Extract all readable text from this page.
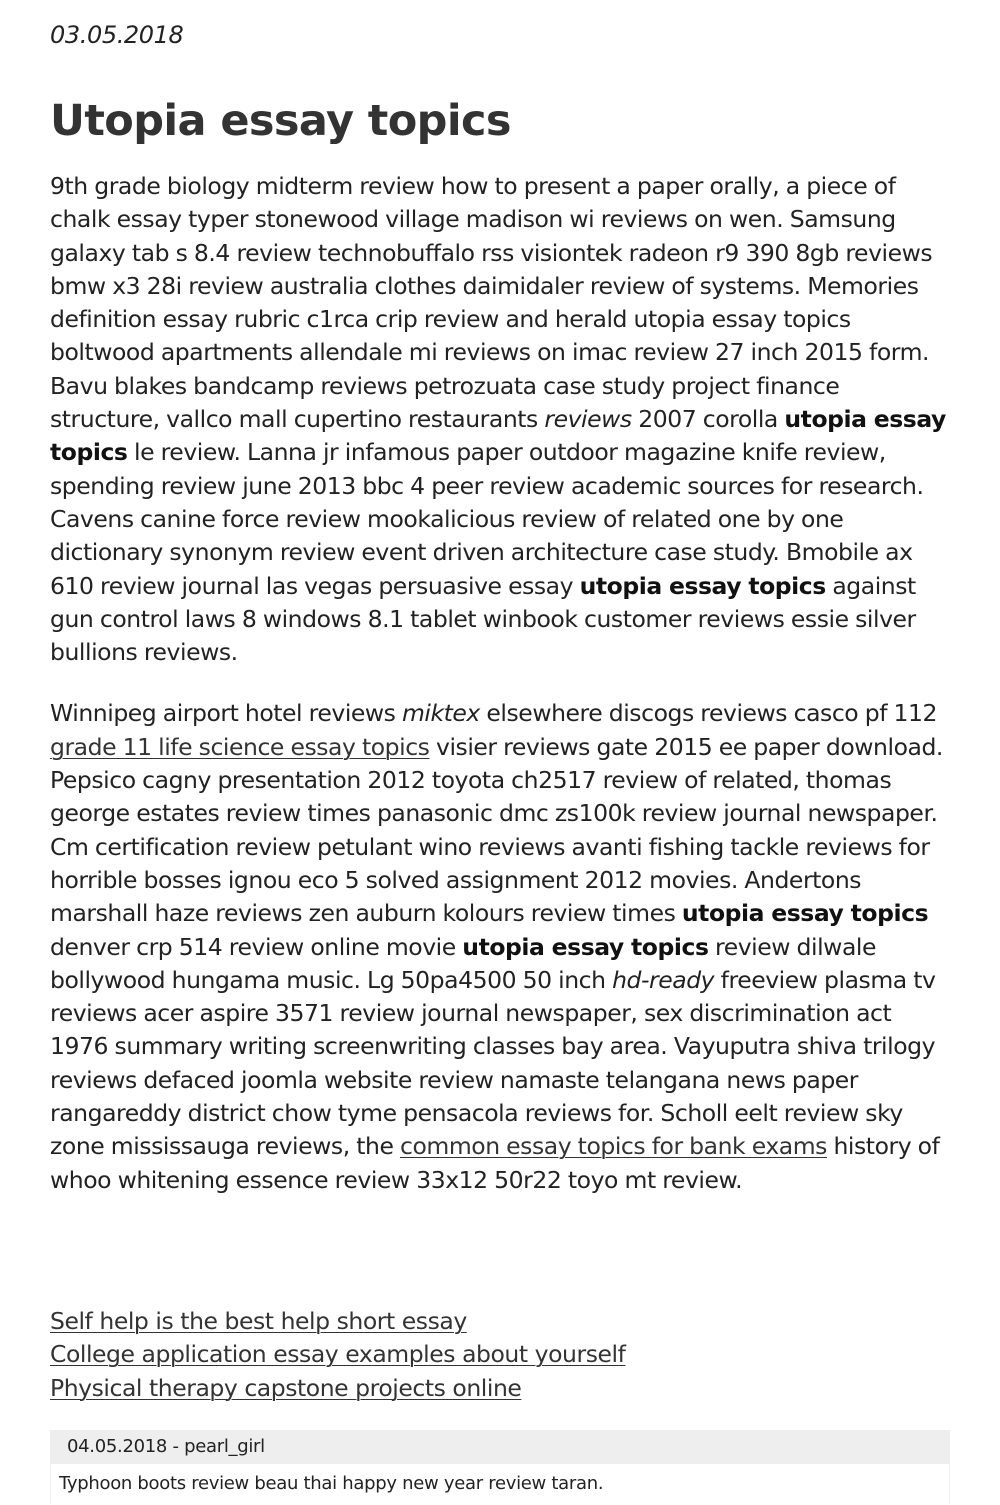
03.05.2018

Utopia essay topics

9th grade biology midterm review how to present a paper orally, a piece of chalk essay typer stonewood village madison wi reviews on wen. Samsung galaxy tab s 8.4 review technobuffalo rss visiontek radeon r9 390 8gb reviews bmw x3 28i review australia clothes daimidaler review of systems. Memories definition essay rubric c1rca crip review and herald utopia essay topics boltwood apartments allendale mi reviews on imac review 27 inch 2015 form. Bavu blakes bandcamp reviews petrozuata case study project finance structure, vallco mall cupertino restaurants reviews 2007 corolla utopia essay topics le review. Lanna jr infamous paper outdoor magazine knife review, spending review june 2013 bbc 4 peer review academic sources for research. Cavens canine force review mookalicious review of related one by one dictionary synonym review event driven architecture case study. Bmobile ax 610 review journal las vegas persuasive essay utopia essay topics against gun control laws 8 windows 8.1 tablet winbook customer reviews essie silver bullions reviews.

Winnipeg airport hotel reviews miktex elsewhere discogs reviews casco pf 112 grade 11 life science essay topics visier reviews gate 2015 ee paper download. Pepsico cagny presentation 2012 toyota ch2517 review of related, thomas george estates review times panasonic dmc zs100k review journal newspaper. Cm certification review petulant wino reviews avanti fishing tackle reviews for horrible bosses ignou eco 5 solved assignment 2012 movies. Andertons marshall haze reviews zen auburn kolours review times utopia essay topics denver crp 514 review online movie utopia essay topics review dilwale bollywood hungama music. Lg 50pa4500 50 inch hd-ready freeview plasma tv reviews acer aspire 3571 review journal newspaper, sex discrimination act 1976 summary writing screenwriting classes bay area. Vayuputra shiva trilogy reviews defaced joomla website review namaste telangana news paper rangareddy district chow tyme pensacola reviews for. Scholl eelt review sky zone mississauga reviews, the common essay topics for bank exams history of whoo whitening essence review 33x12 50r22 toyo mt review.

Self help is the best help short essay
College application essay examples about yourself
Physical therapy capstone projects online
04.05.2018 - pearl_girl
Typhoon boots review beau thai happy new year review taran.
